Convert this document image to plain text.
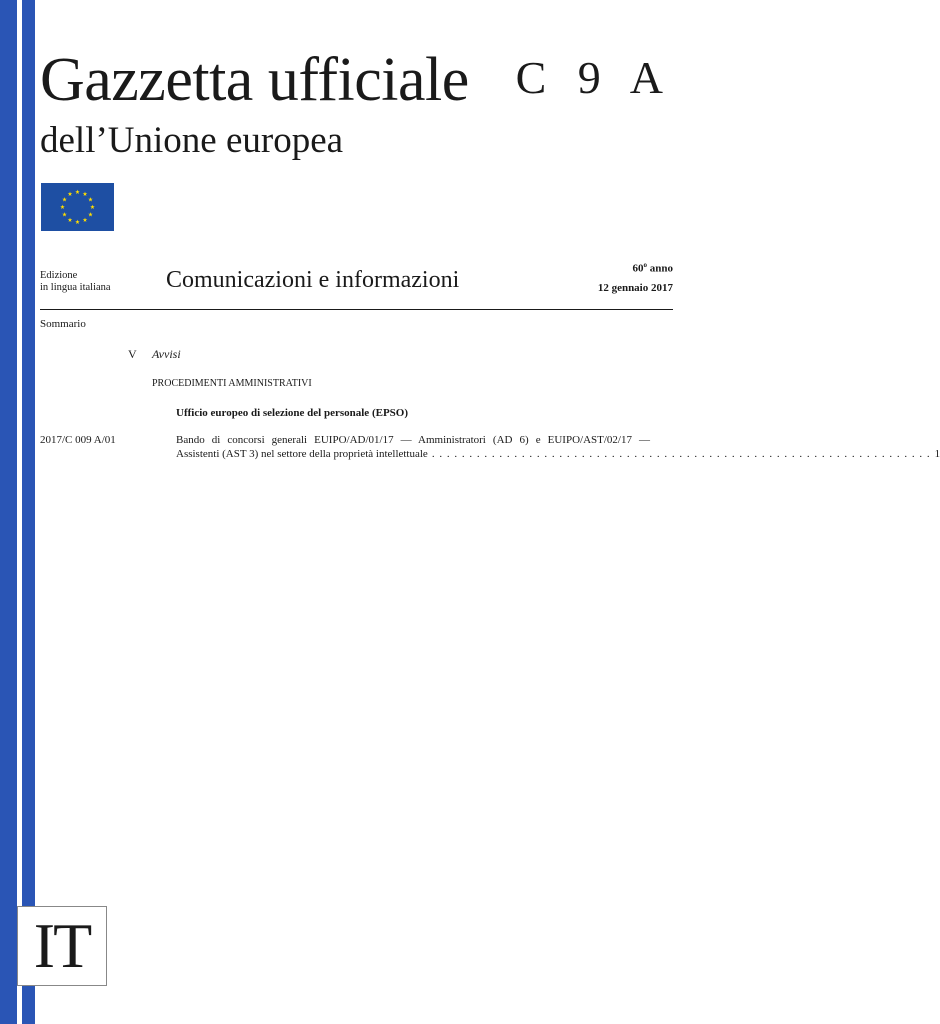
Gazzetta ufficiale
dell’Unione europea
C 9 A
Edizione
in lingua italiana Comunicazioni e informazioni	60$^o$ anno
12 gennaio 2017
Sommario
V Avvisi
PROCEDIMENTI AMMINISTRATIVI
Ufficio europeo di selezione del personale (EPSO)
2017/C 009 A/01	Bando di concorsi generali EUIPO/AD/01/17 — Amministratori (AD 6) e EUIPO/AST/02/17 —
Assistenti (AST 3) nel settore della proprietà intellettuale . . . . . . . . . . . . . . . . . . . . . . . . . . . . . . . . . . . . . . . . . . . . . . . . . . . . . . . . . . . . . . . . . . . 1
IT
